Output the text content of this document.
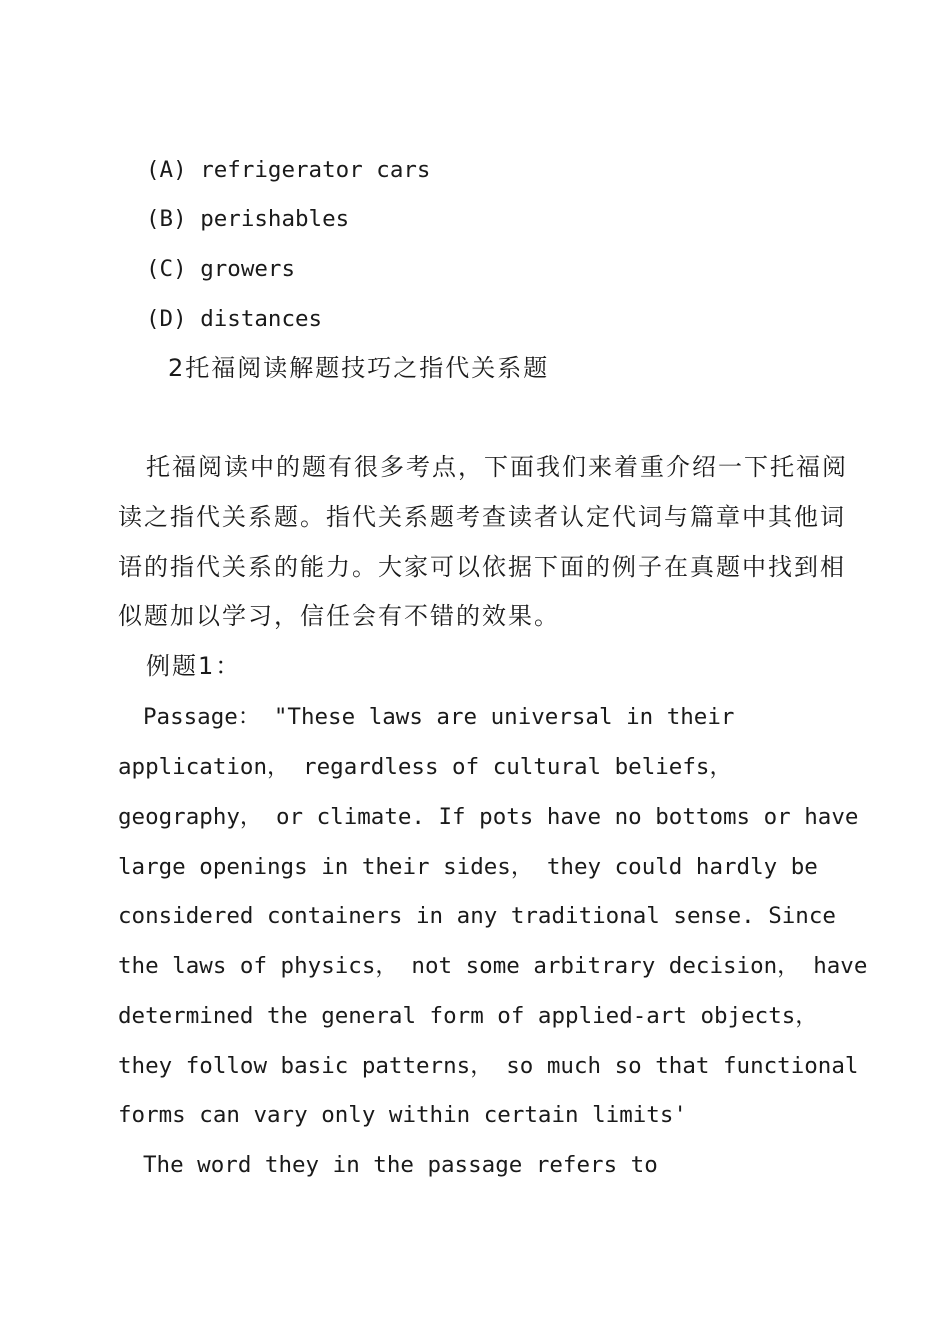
(A) refrigerator cars
(B) perishables
(C) growers
(D) distances
2托福阅读解题技巧之指代关系题
托福阅读中的题有很多考点，下面我们来着重介绍一下托福阅
读之指代关系题。指代关系题考查读者认定代词与篇章中其他词
语的指代关系的能力。大家可以依据下面的例子在真题中找到相
似题加以学习，信任会有不错的效果。
例题1：
Passage： "These laws are universal in their
application， regardless of cultural beliefs，
geography， or climate. If pots have no bottoms or have
large openings in their sides， they could hardly be
considered containers in any traditional sense. Since
the laws of physics， not some arbitrary decision， have
determined the general form of applied-art objects，
they follow basic patterns， so much so that functional
forms can vary only within certain limits'
The word they in the passage refers to
